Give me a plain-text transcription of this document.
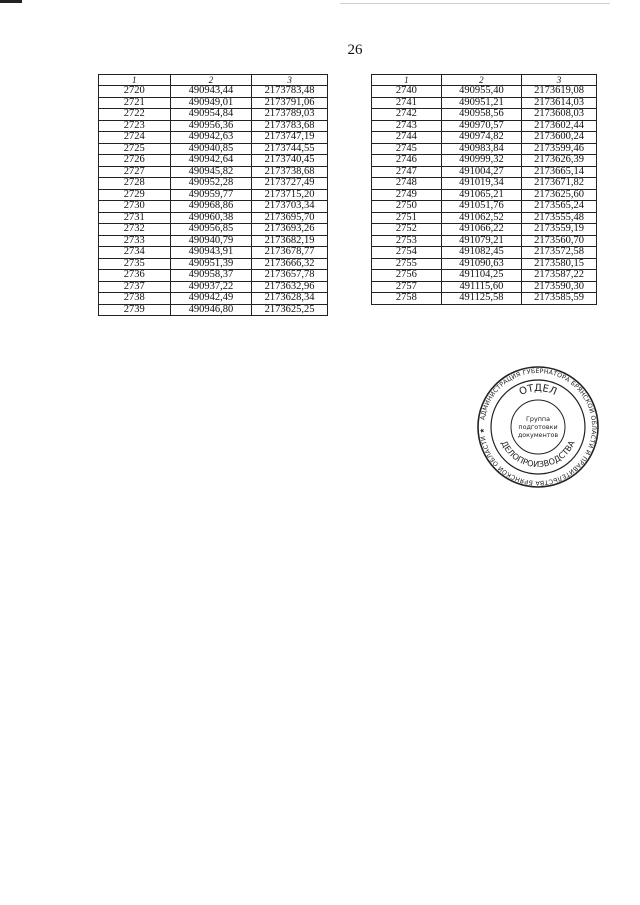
26
1	2	3
2720	490943,44	2173783,48
2721	490949,01	2173791,06
2722	490954,84	2173789,03
2723	490956,36	2173783,68
2724	490942,63	2173747,19
2725	490940,85	2173744,55
2726	490942,64	2173740,45
2727	490945,82	2173738,68
2728	490952,28	2173727,49
2729	490959,77	2173715,20
2730	490968,86	2173703,34
2731	490960,38	2173695,70
2732	490956,85	2173693,26
2733	490940,79	2173682,19
2734	490943,91	2173678,77
2735	490951,39	2173666,32
2736	490958,37	2173657,78
2737	490937,22	2173632,96
2738	490942,49	2173628,34
2739	490946,80	2173625,25
1	2	3
2740	490955,40	2173619,08
2741	490951,21	2173614,03
2742	490958,56	2173608,03
2743	490970,57	2173602,44
2744	490974,82	2173600,24
2745	490983,84	2173599,46
2746	490999,32	2173626,39
2747	491004,27	2173665,14
2748	491019,34	2173671,82
2749	491065,21	2173625,60
2750	491051,76	2173565,24
2751	491062,52	2173555,48
2752	491066,22	2173559,19
2753	491079,21	2173560,70
2754	491082,45	2173572,58
2755	491090,63	2173580,15
2756	491104,25	2173587,22
2757	491115,60	2173590,30
2758	491125,58	2173585,59
АДМИНИСТРАЦИЯ ГУБЕРНАТОРА БРЯНСКОЙ ОБЛАСТИ И ПРАВИТЕЛЬСТВА БРЯНСКОЙ ОБЛАСТИ ★
ОТДЕЛ
ДЕЛОПРОИЗВОДСТВА
Группа
подготовки
документов
